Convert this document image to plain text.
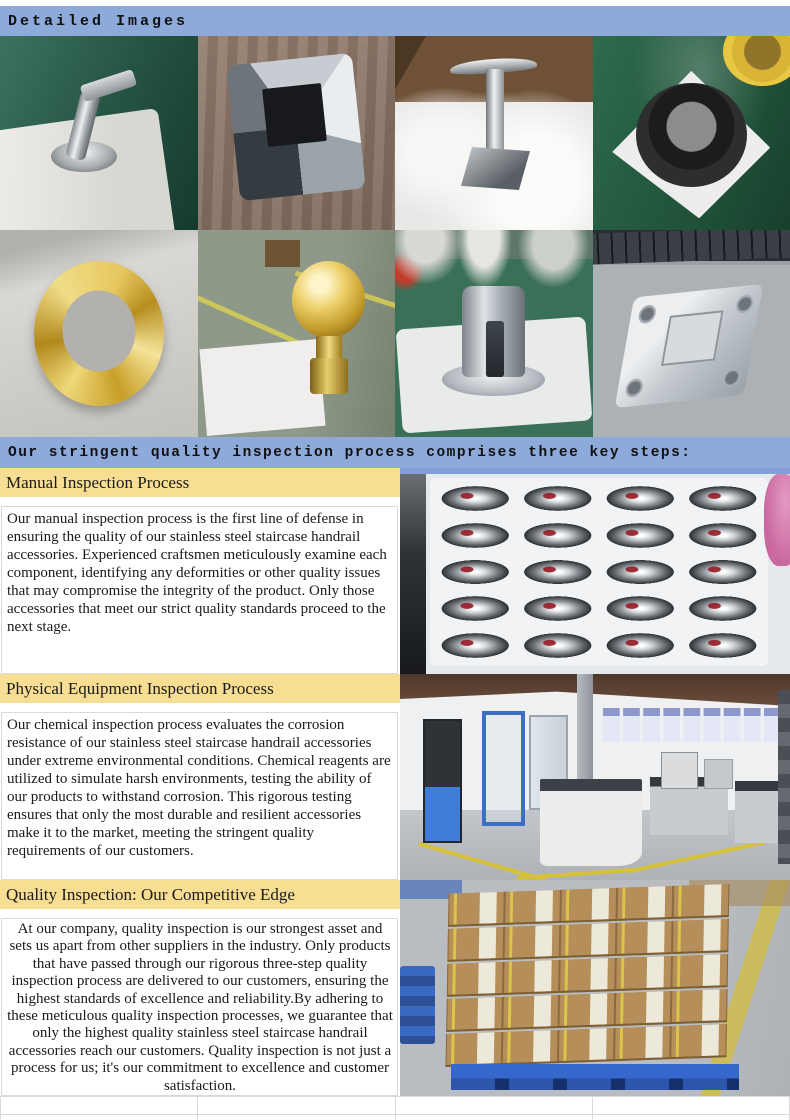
Detailed Images
Our stringent quality inspection process comprises three key steps:
Manual Inspection Process
Our manual inspection process is the first line of defense in ensuring the quality of our stainless steel staircase handrail accessories. Experienced craftsmen meticulously examine each component, identifying any deformities or other quality issues that may compromise the integrity of the product. Only those accessories that meet our strict quality standards proceed to the next stage.
Physical Equipment Inspection Process
Our chemical inspection process evaluates the corrosion resistance of our stainless steel staircase handrail accessories under extreme environmental conditions. Chemical reagents are utilized to simulate harsh environments, testing the ability of our products to withstand corrosion. This rigorous testing ensures that only the most durable and resilient accessories make it to the market, meeting the stringent quality requirements of our customers.
Quality Inspection: Our Competitive Edge
At our company, quality inspection is our strongest asset and sets us apart from other suppliers in the industry. Only products that have passed through our rigorous three-step quality inspection process are delivered to our customers, ensuring the highest standards of excellence and reliability.By adhering to these meticulous quality inspection processes, we guarantee that only the highest quality stainless steel staircase handrail accessories reach our customers. Quality inspection is not just a process for us; it's our commitment to excellence and customer satisfaction.
